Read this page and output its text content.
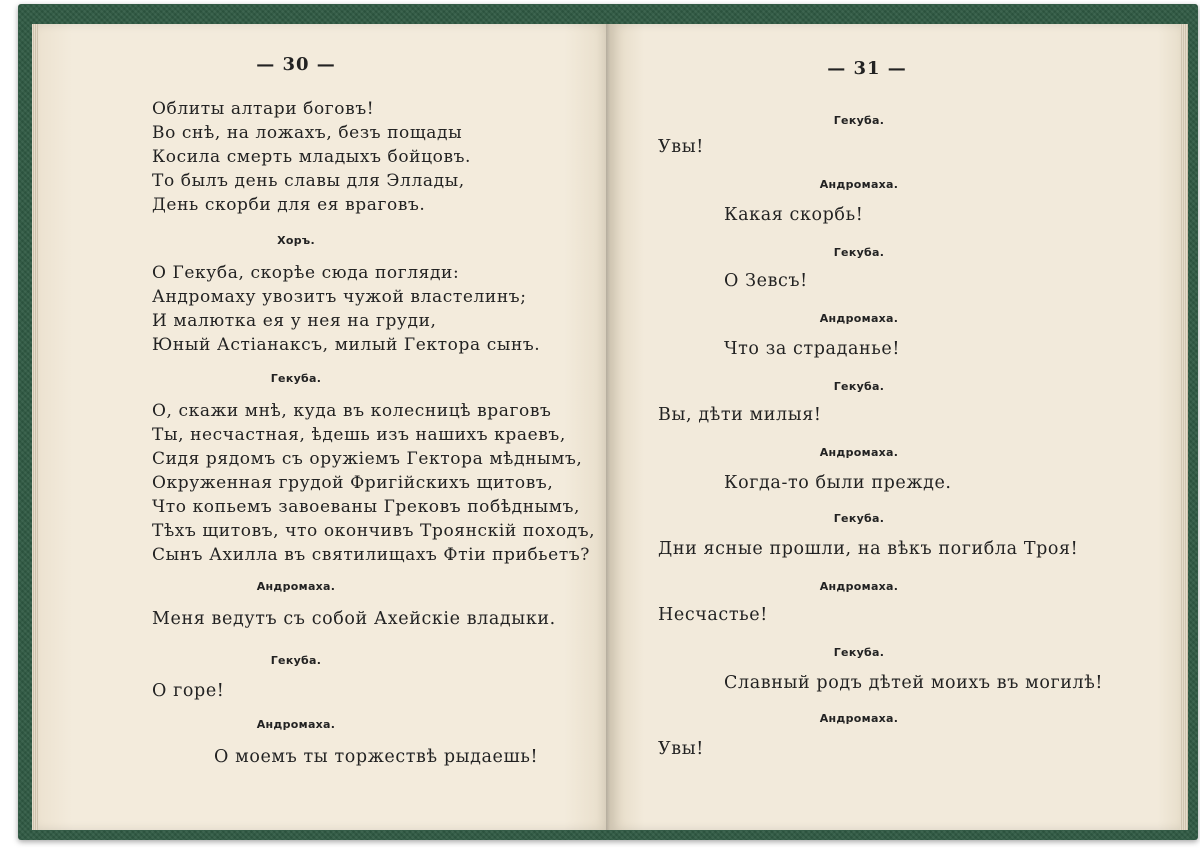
— 30 —
Облиты алтари боговъ!
Во снѣ, на ложахъ, безъ пощады
Косила смерть младыхъ бойцовъ.
То былъ день славы для Эллады,
День скорби для ея враговъ.
Хоръ.
О Гекуба, скорѣе сюда погляди:
Андромаху увозитъ чужой властелинъ;
И малютка ея у нея на груди,
Юный Астіанаксъ, милый Гектора сынъ.
Гекуба.
О, скажи мнѣ, куда въ колесницѣ враговъ
Ты, несчастная, ѣдешь изъ нашихъ краевъ,
Сидя рядомъ съ оружіемъ Гектора мѣднымъ,
Окруженная грудой Фригійскихъ щитовъ,
Что копьемъ завоеваны Грековъ побѣднымъ,
Тѣхъ щитовъ, что окончивъ Троянскій походъ,
Сынъ Ахилла въ святилищахъ Фтіи прибьетъ?
Андромаха.
Меня ведутъ съ собой Ахейскіе владыки.
Гекуба.
О горе!
Андромаха.
О моемъ ты торжествѣ рыдаешь!
— 31 —
Гекуба.
Увы!
Андромаха.
Какая скорбь!
Гекуба.
О Зевсъ!
Андромаха.
Что за страданье!
Гекуба.
Вы, дѣти милыя!
Андромаха.
Когда-то были прежде.
Гекуба.
Дни ясные прошли, на вѣкъ погибла Троя!
Андромаха.
Несчастье!
Гекуба.
Славный родъ дѣтей моихъ въ могилѣ!
Андромаха.
Увы!
